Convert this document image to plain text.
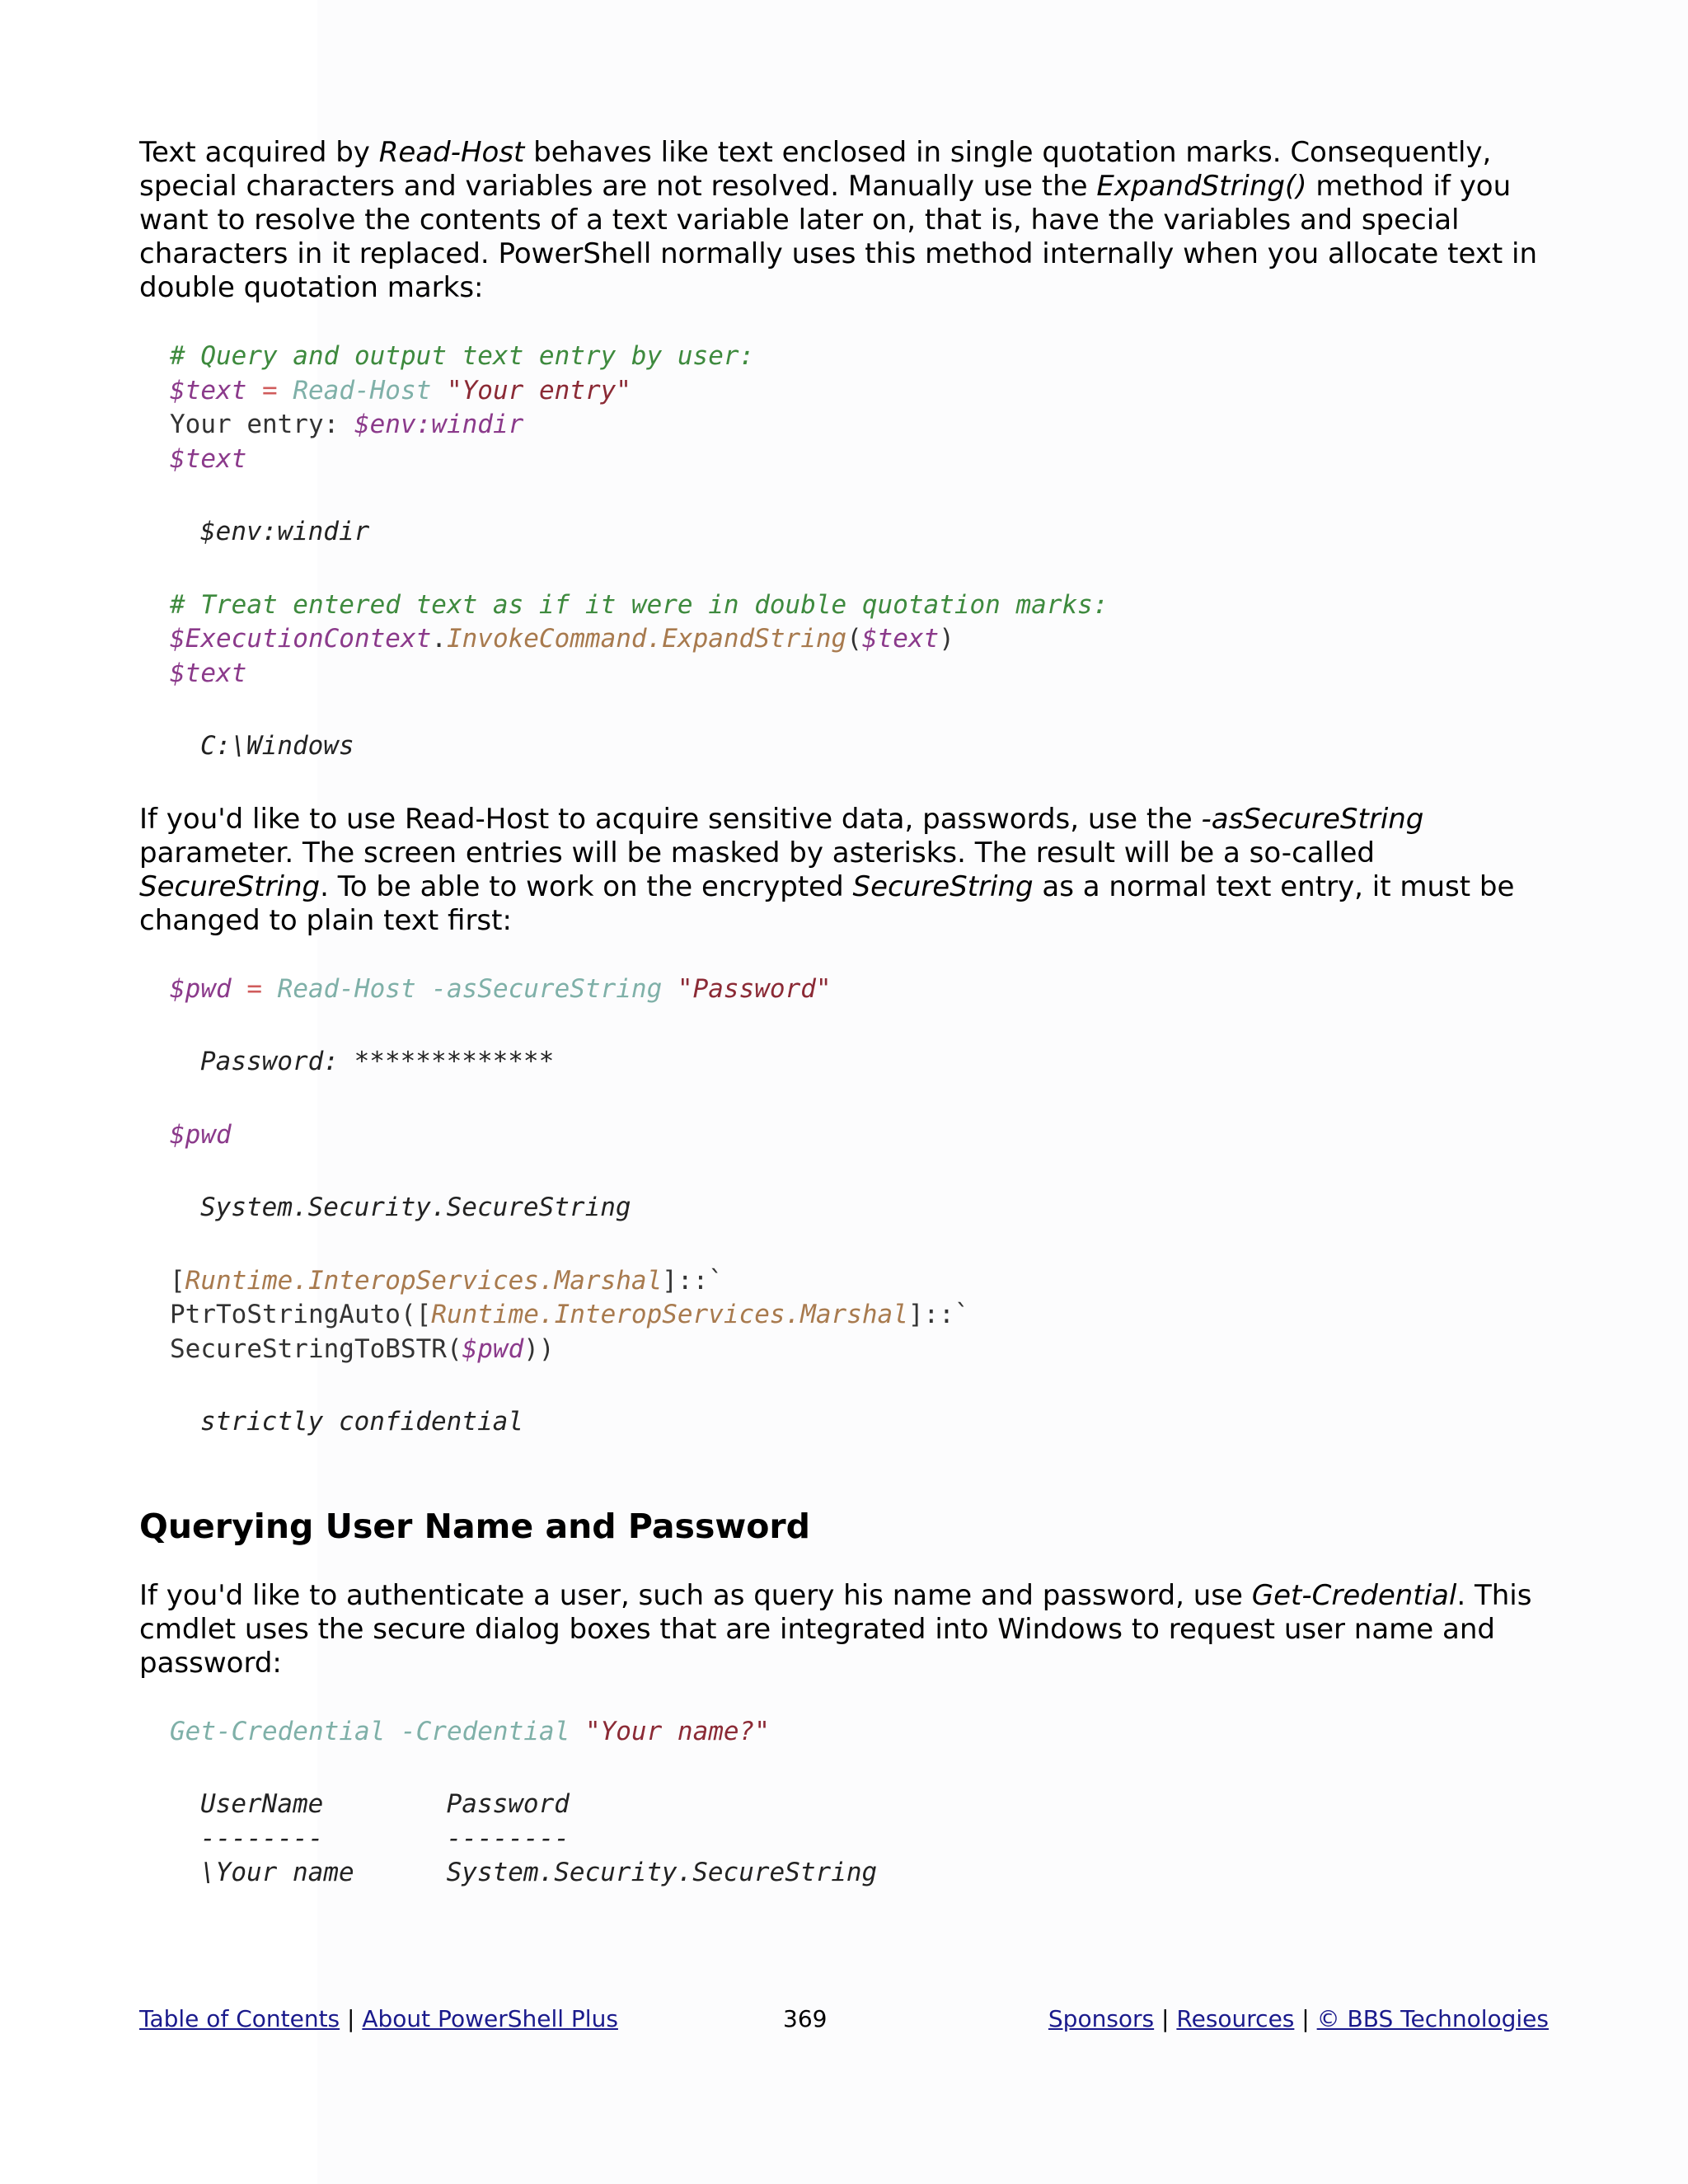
Text acquired by Read-Host behaves like text enclosed in single quotation marks. Consequently, special characters and variables are not resolved. Manually use the ExpandString() method if you want to resolve the contents of a text variable later on, that is, have the variables and special characters in it replaced. PowerShell normally uses this method internally when you allocate text in double quotation marks:

# Query and output text entry by user:
$text = Read-Host "Your entry"
Your entry: $env:windir
$text
$env:windir
# Treat entered text as if it were in double quotation marks:
$ExecutionContext.InvokeCommand.ExpandString($text)
$text
C:\Windows

If you'd like to use Read-Host to acquire sensitive data, passwords, use the -asSecureString parameter. The screen entries will be masked by asterisks. The result will be a so-called SecureString. To be able to work on the encrypted SecureString as a normal text entry, it must be changed to plain text first:

$pwd = Read-Host -asSecureString "Password"
Password: *************
$pwd
System.Security.SecureString
[Runtime.InteropServices.Marshal]::`
PtrToStringAuto([Runtime.InteropServices.Marshal]::`
SecureStringToBSTR($pwd))
strictly confidential
Querying User Name and Password

If you'd like to authenticate a user, such as query his name and password, use Get-Credential. This cmdlet uses the secure dialog boxes that are integrated into Windows to request user name and password:

Get-Credential -Credential "Your name?"
UserName        Password
--------        --------
\Your name      System.Security.SecureString
Table of Contents | About PowerShell Plus	369	Sponsors | Resources | © BBS Technologies
